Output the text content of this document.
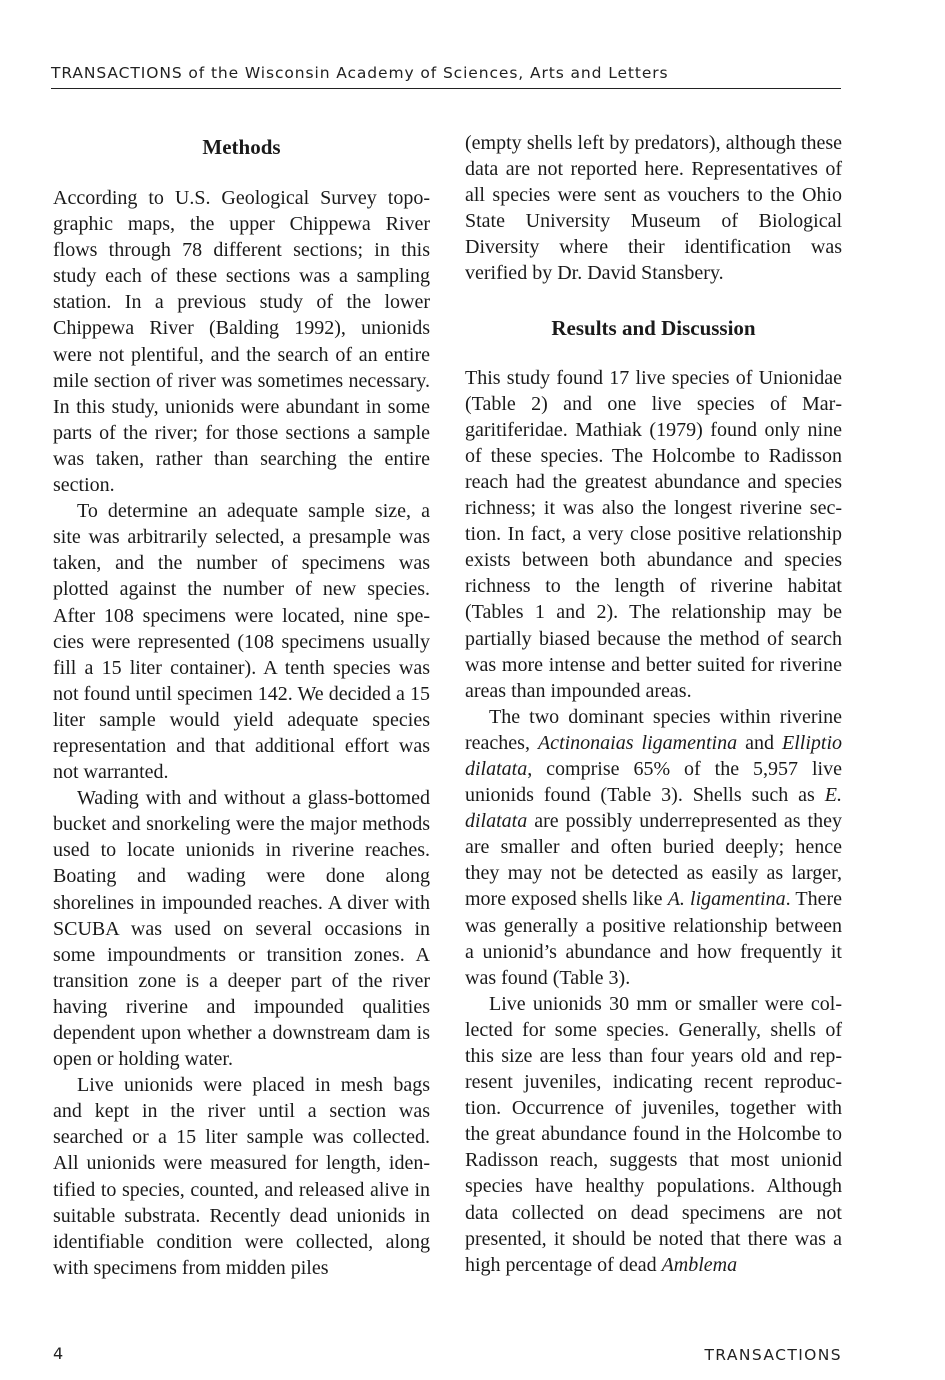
TRANSACTIONS of the Wisconsin Academy of Sciences, Arts and Letters
Methods

According to U.S. Geological Survey topographic maps, the upper Chippewa River flows through 78 different sections; in this study each of these sections was a sampling station. In a previous study of the lower Chippewa River (Balding 1992), unionids were not plentiful, and the search of an entire mile section of river was sometimes necessary. In this study, unionids were abundant in some parts of the river; for those sections a sample was taken, rather than searching the entire section.

To determine an adequate sample size, a site was arbitrarily selected, a presample was taken, and the number of specimens was plotted against the number of new species. After 108 specimens were located, nine species were represented (108 specimens usually fill a 15 liter container). A tenth species was not found until specimen 142. We decided a 15 liter sample would yield adequate species representation and that additional effort was not warranted.

Wading with and without a glass-bottomed bucket and snorkeling were the major methods used to locate unionids in riverine reaches. Boating and wading were done along shorelines in impounded reaches. A diver with SCUBA was used on several occasions in some impoundments or transition zones. A transition zone is a deeper part of the river having riverine and impounded qualities dependent upon whether a downstream dam is open or holding water.

Live unionids were placed in mesh bags and kept in the river until a section was searched or a 15 liter sample was collected. All unionids were measured for length, identified to species, counted, and released alive in suitable substrata. Recently dead unionids in identifiable condition were collected, along with specimens from midden piles

(empty shells left by predators), although these data are not reported here. Representatives of all species were sent as vouchers to the Ohio State University Museum of Biological Diversity where their identification was verified by Dr. David Stansbery.

Results and Discussion

This study found 17 live species of Unionidae (Table 2) and one live species of Margaritiferidae. Mathiak (1979) found only nine of these species. The Holcombe to Radisson reach had the greatest abundance and species richness; it was also the longest riverine section. In fact, a very close positive relationship exists between both abundance and species richness to the length of riverine habitat (Tables 1 and 2). The relationship may be partially biased because the method of search was more intense and better suited for riverine areas than impounded areas.

The two dominant species within riverine reaches, Actinonaias ligamentina and Elliptio dilatata, comprise 65% of the 5,957 live unionids found (Table 3). Shells such as E. dilatata are possibly underrepresented as they are smaller and often buried deeply; hence they may not be detected as easily as larger, more exposed shells like A. ligamentina. There was generally a positive relationship between a unionid’s abundance and how frequently it was found (Table 3).

Live unionids 30 mm or smaller were collected for some species. Generally, shells of this size are less than four years old and represent juveniles, indicating recent reproduction. Occurrence of juveniles, together with the great abundance found in the Holcombe to Radisson reach, suggests that most unionid species have healthy populations. Although data collected on dead specimens are not presented, it should be noted that there was a high percentage of dead Amblema

4	TRANSACTIONS
